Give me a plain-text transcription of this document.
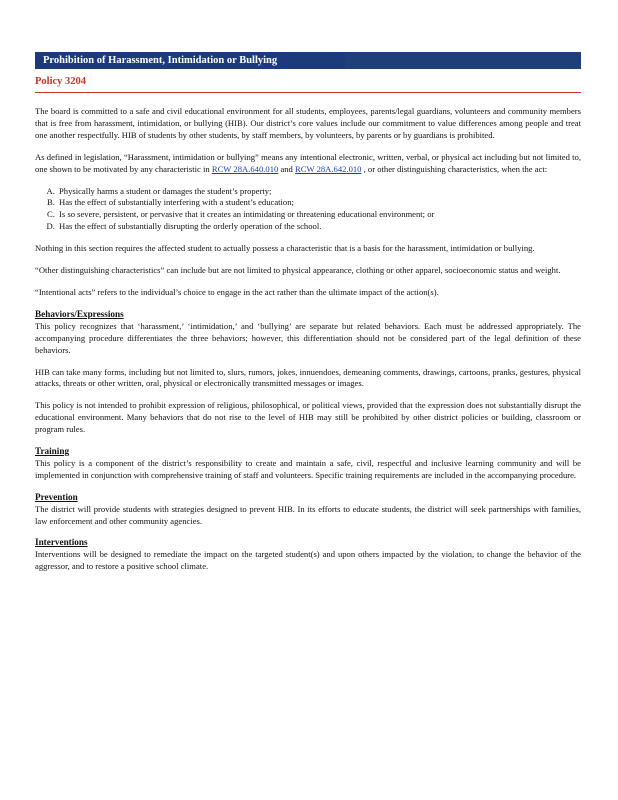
Prohibition of Harassment, Intimidation or Bullying
Policy 3204

The board is committed to a safe and civil educational environment for all students, employees, parents/legal guardians, volunteers and community members that is free from harassment, intimidation, or bullying (HIB). Our district’s core values include our commitment to value differences among people and treat one another respectfully. HIB of students by other students, by staff members, by volunteers, by parents or by guardians is prohibited.

As defined in legislation, “Harassment, intimidation or bullying” means any intentional electronic, written, verbal, or physical act including but not limited to, one shown to be motivated by any characteristic in RCW 28A.640.010 and RCW 28A.642.010 , or other distinguishing characteristics, when the act:

A. Physically harms a student or damages the student’s property;
B. Has the effect of substantially interfering with a student’s education;
C. Is so severe, persistent, or pervasive that it creates an intimidating or threatening educational environment; or
D. Has the effect of substantially disrupting the orderly operation of the school.

Nothing in this section requires the affected student to actually possess a characteristic that is a basis for the harassment, intimidation or bullying.

“Other distinguishing characteristics” can include but are not limited to physical appearance, clothing or other apparel, socioeconomic status and weight.

“Intentional acts” refers to the individual’s choice to engage in the act rather than the ultimate impact of the action(s).

Behaviors/Expressions

This policy recognizes that ‘harassment,’ ‘intimidation,’ and ‘bullying’ are separate but related behaviors. Each must be addressed appropriately. The accompanying procedure differentiates the three behaviors; however, this differentiation should not be considered part of the legal definition of these behaviors.

HIB can take many forms, including but not limited to, slurs, rumors, jokes, innuendoes, demeaning comments, drawings, cartoons, pranks, gestures, physical attacks, threats or other written, oral, physical or electronically transmitted messages or images.

This policy is not intended to prohibit expression of religious, philosophical, or political views, provided that the expression does not substantially disrupt the educational environment. Many behaviors that do not rise to the level of HIB may still be prohibited by other district policies or building, classroom or program rules.

Training

This policy is a component of the district’s responsibility to create and maintain a safe, civil, respectful and inclusive learning community and will be implemented in conjunction with comprehensive training of staff and volunteers. Specific training requirements are included in the accompanying procedure.

Prevention

The district will provide students with strategies designed to prevent HIB. In its efforts to educate students, the district will seek partnerships with families, law enforcement and other community agencies.

Interventions

Interventions will be designed to remediate the impact on the targeted student(s) and upon others impacted by the violation, to change the behavior of the aggressor, and to restore a positive school climate.
